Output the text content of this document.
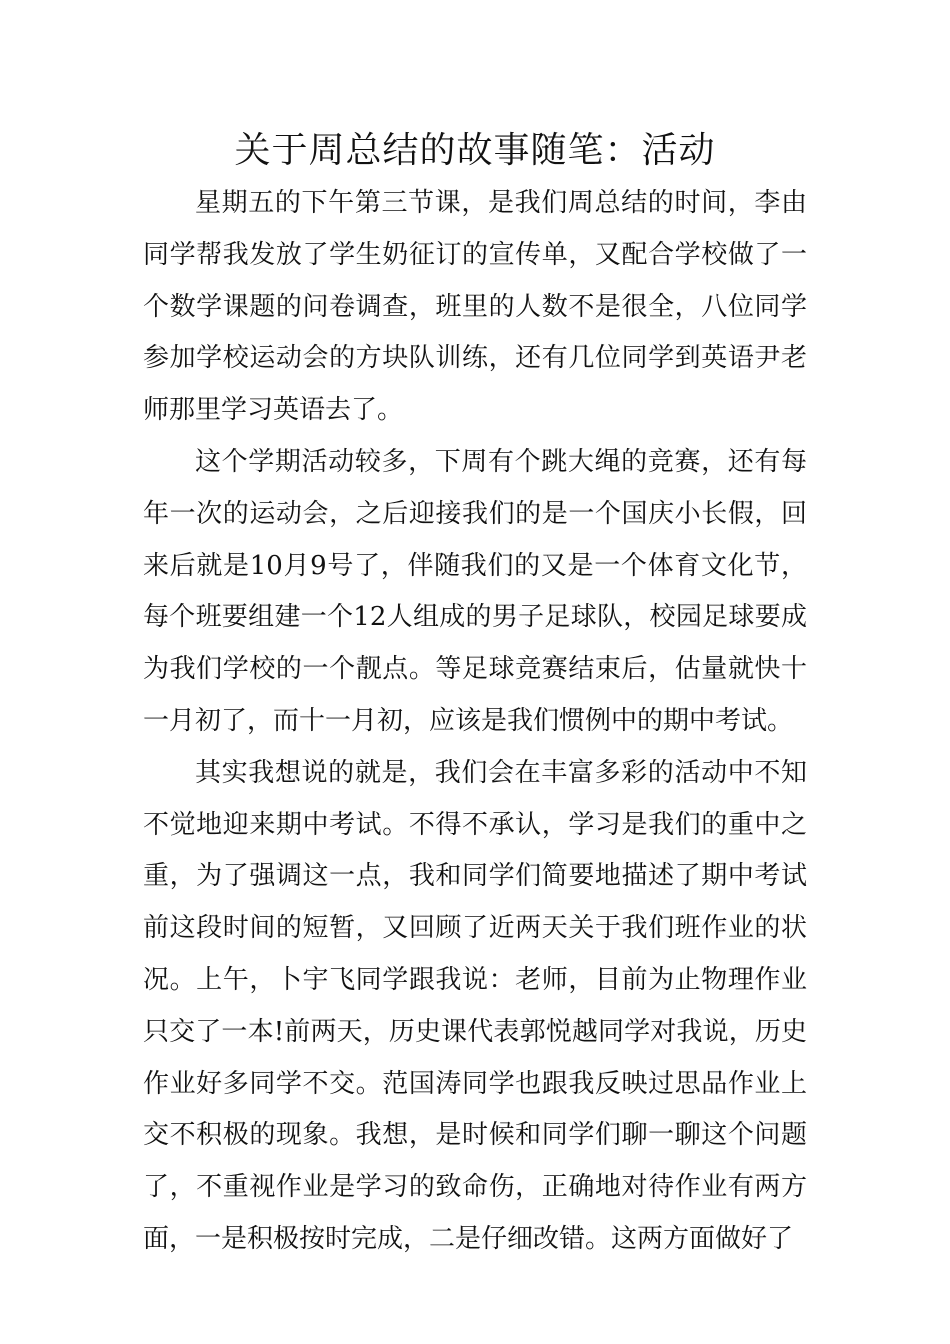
关于周总结的故事随笔：活动

星期五的下午第三节课，是我们周总结的时间，李由同学帮我发放了学生奶征订的宣传单，又配合学校做了一个数学课题的问卷调查，班里的人数不是很全，八位同学参加学校运动会的方块队训练，还有几位同学到英语尹老师那里学习英语去了。

这个学期活动较多，下周有个跳大绳的竞赛，还有每年一次的运动会，之后迎接我们的是一个国庆小长假，回来后就是10月9号了，伴随我们的又是一个体育文化节，每个班要组建一个12人组成的男子足球队，校园足球要成为我们学校的一个靓点。等足球竞赛结束后，估量就快十一月初了，而十一月初，应该是我们惯例中的期中考试。

其实我想说的就是，我们会在丰富多彩的活动中不知不觉地迎来期中考试。不得不承认，学习是我们的重中之重，为了强调这一点，我和同学们简要地描述了期中考试前这段时间的短暂，又回顾了近两天关于我们班作业的状况。上午，卜宇飞同学跟我说：老师，目前为止物理作业只交了一本!前两天，历史课代表郭悦越同学对我说，历史作业好多同学不交。范国涛同学也跟我反映过思品作业上交不积极的现象。我想，是时候和同学们聊一聊这个问题了，不重视作业是学习的致命伤，正确地对待作业有两方面，一是积极按时完成，二是仔细改错。这两方面做好了
